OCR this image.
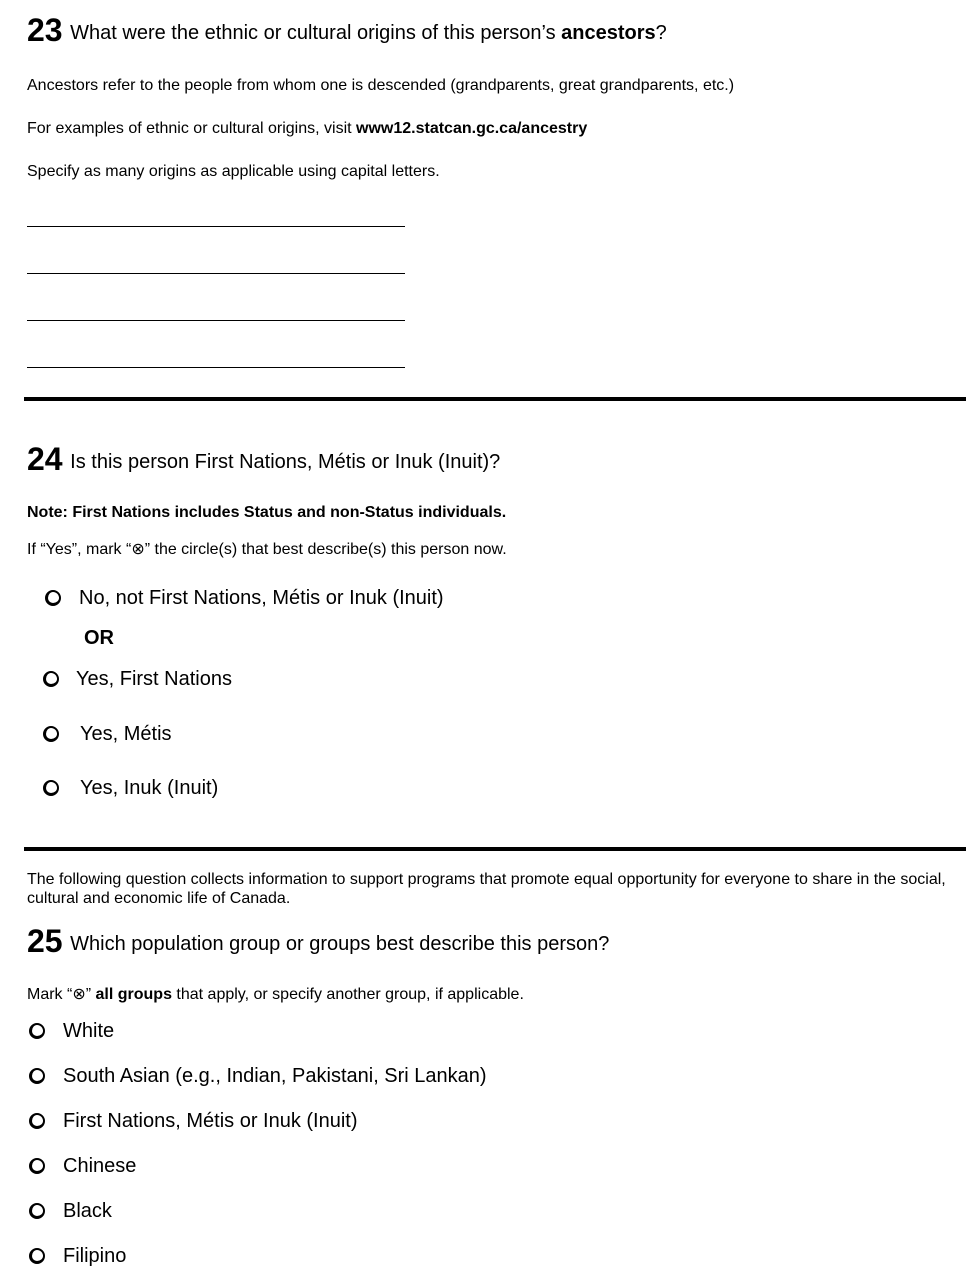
23 What were the ethnic or cultural origins of this person’s ancestors?
Ancestors refer to the people from whom one is descended (grandparents, great grandparents, etc.)
For examples of ethnic or cultural origins, visit www12.statcan.gc.ca/ancestry
Specify as many origins as applicable using capital letters.
24 Is this person First Nations, Métis or Inuk (Inuit)?
Note: First Nations includes Status and non-Status individuals.
If “Yes”, mark “⊗” the circle(s) that best describe(s) this person now.
No, not First Nations, Métis or Inuk (Inuit)
OR
Yes, First Nations
Yes, Métis
Yes, Inuk (Inuit)
The following question collects information to support programs that promote equal opportunity for everyone to share in the social, cultural and economic life of Canada.
25 Which population group or groups best describe this person?
Mark “⊗” all groups that apply, or specify another group, if applicable.
White
South Asian (e.g., Indian, Pakistani, Sri Lankan)
First Nations, Métis or Inuk (Inuit)
Chinese
Black
Filipino
